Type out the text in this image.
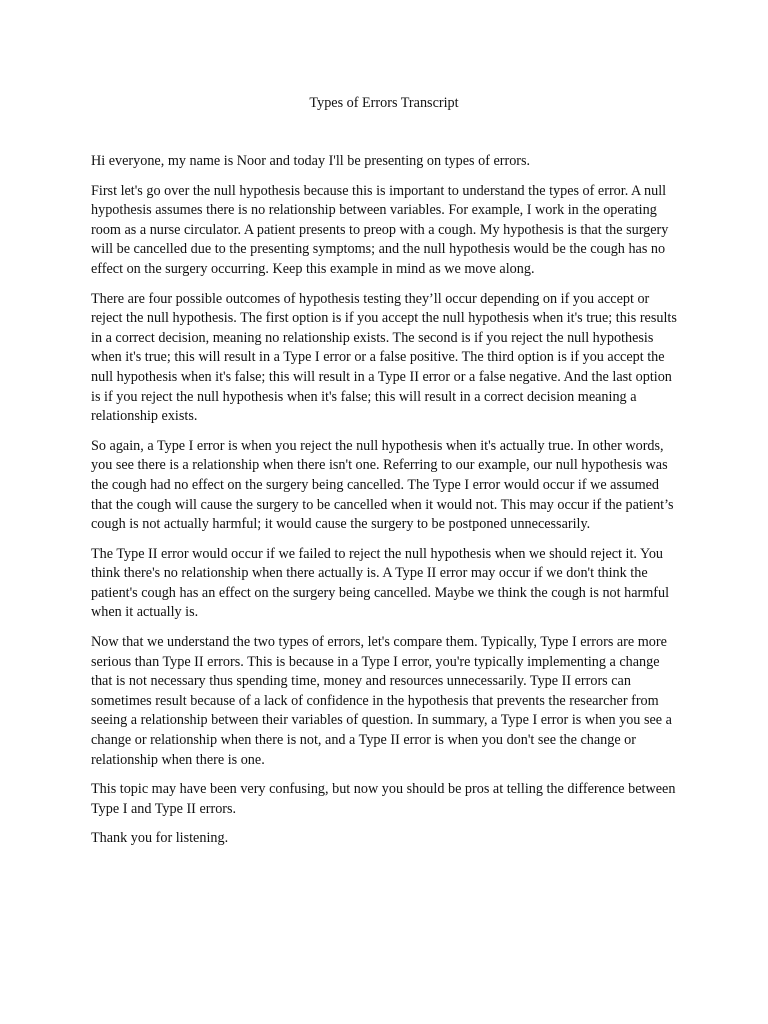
Types of Errors Transcript

Hi everyone, my name is Noor and today I'll be presenting on types of errors.

First let's go over the null hypothesis because this is important to understand the types of error. A null hypothesis assumes there is no relationship between variables. For example, I work in the operating room as a nurse circulator. A patient presents to preop with a cough. My hypothesis is that the surgery will be cancelled due to the presenting symptoms; and the null hypothesis would be the cough has no effect on the surgery occurring. Keep this example in mind as we move along.

There are four possible outcomes of hypothesis testing they’ll occur depending on if you accept or reject the null hypothesis. The first option is if you accept the null hypothesis when it's true; this results in a correct decision, meaning no relationship exists. The second is if you reject the null hypothesis when it's true; this will result in a Type I error or a false positive. The third option is if you accept the null hypothesis when it's false; this will result in a Type II error or a false negative. And the last option is if you reject the null hypothesis when it's false; this will result in a correct decision meaning a relationship exists.

So again, a Type I error is when you reject the null hypothesis when it's actually true. In other words, you see there is a relationship when there isn't one. Referring to our example, our null hypothesis was the cough had no effect on the surgery being cancelled. The Type I error would occur if we assumed that the cough will cause the surgery to be cancelled when it would not. This may occur if the patient’s cough is not actually harmful; it would cause the surgery to be postponed unnecessarily.

The Type II error would occur if we failed to reject the null hypothesis when we should reject it. You think there's no relationship when there actually is. A Type II error may occur if we don't think the patient's cough has an effect on the surgery being cancelled. Maybe we think the cough is not harmful when it actually is.

Now that we understand the two types of errors, let's compare them. Typically, Type I errors are more serious than Type II errors. This is because in a Type I error, you're typically implementing a change that is not necessary thus spending time, money and resources unnecessarily. Type II errors can sometimes result because of a lack of confidence in the hypothesis that prevents the researcher from seeing a relationship between their variables of question. In summary, a Type I error is when you see a change or relationship when there is not, and a Type II error is when you don't see the change or relationship when there is one.

This topic may have been very confusing, but now you should be pros at telling the difference between Type I and Type II errors.

Thank you for listening.
